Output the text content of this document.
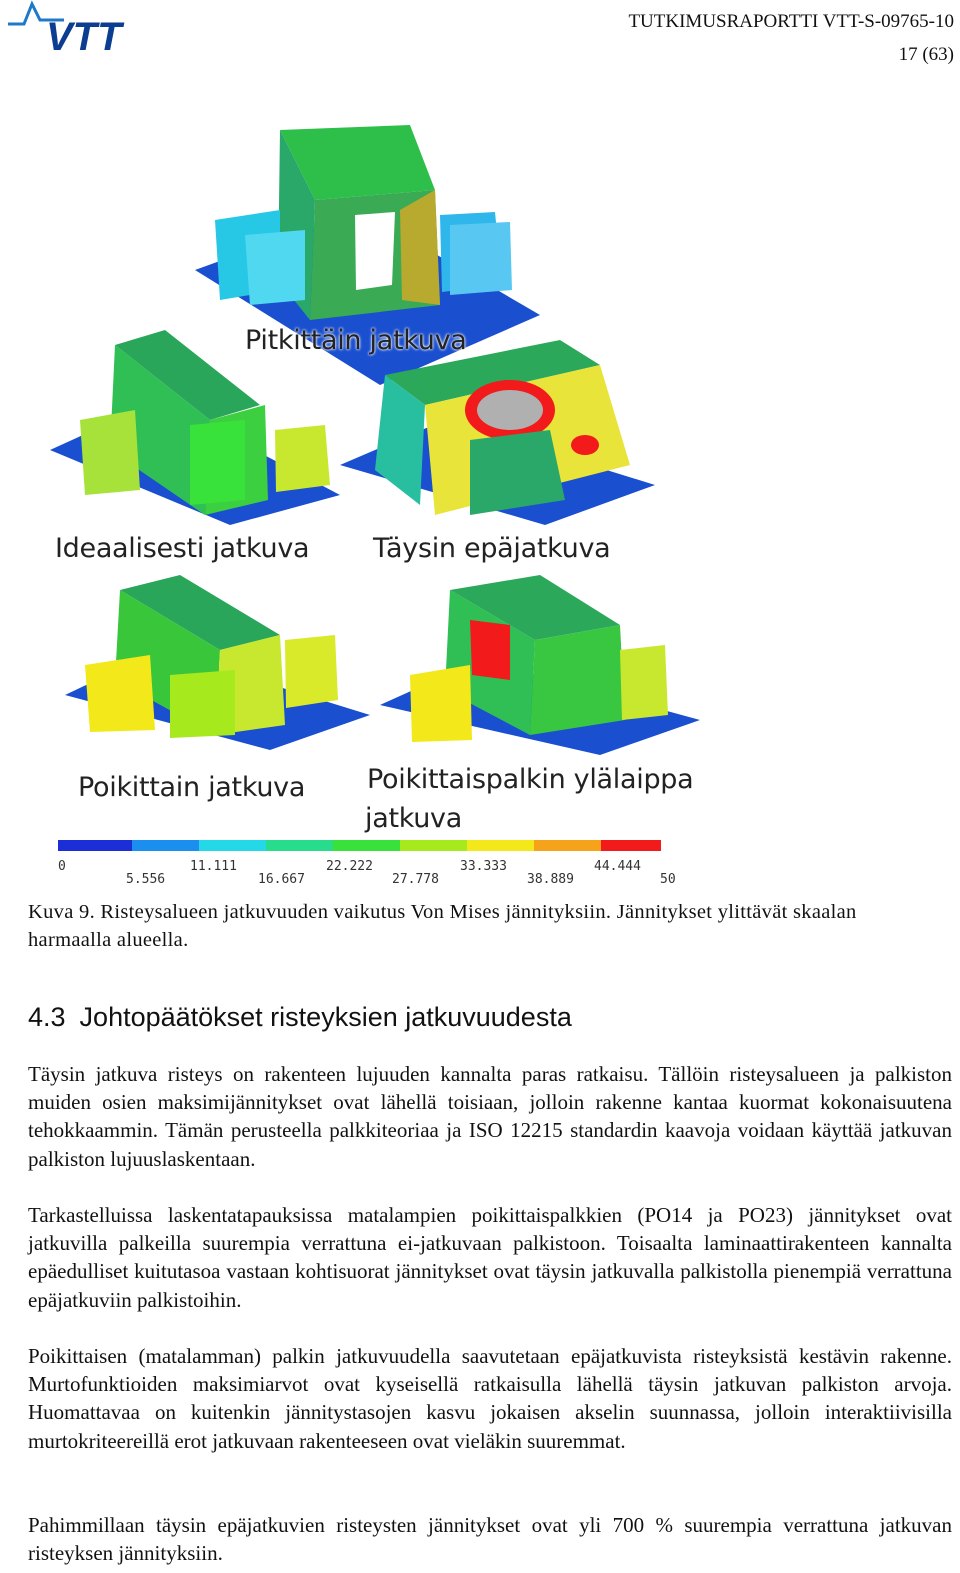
VTT	TUTKIMUSRAPORTTI VTT-S-09765-10
17 (63)
0	11.111	22.222	33.333	44.444
5.556	16.667	27.778	38.889	50
Pitkittäin jatkuva
Ideaalisesti jatkuva Täysin epäjatkuva
Poikittain jatkuva Poikittaispalkin ylälaippa
jatkuva
Kuva 9. Risteysalueen jatkuvuuden vaikutus Von Mises jännityksiin. Jännitykset ylittävät skaalan harmaalla alueella.
4.3 Johtopäätökset risteyksien jatkuvuudesta

Täysin jatkuva risteys on rakenteen lujuuden kannalta paras ratkaisu. Tällöin risteysalueen ja palkiston muiden osien maksimijännitykset ovat lähellä toisiaan, jolloin rakenne kantaa kuormat kokonaisuutena tehokkaammin. Tämän perusteella palkkiteoriaa ja ISO 12215 standardin kaavoja voidaan käyttää jatkuvan palkiston lujuuslaskentaan.

Tarkastelluissa laskentatapauksissa matalampien poikittaispalkkien (PO14 ja PO23) jännitykset ovat jatkuvilla palkeilla suurempia verrattuna ei-jatkuvaan palkistoon. Toisaalta laminaattirakenteen kannalta epäedulliset kuitutasoa vastaan kohtisuorat jännitykset ovat täysin jatkuvalla palkistolla pienempiä verrattuna epäjatkuviin palkistoihin.

Poikittaisen (matalamman) palkin jatkuvuudella saavutetaan epäjatkuvista risteyksistä kestävin rakenne. Murtofunktioiden maksimiarvot ovat kyseisellä ratkaisulla lähellä täysin jatkuvan palkiston arvoja. Huomattavaa on kuitenkin jännitystasojen kasvu jokaisen akselin suunnassa, jolloin interaktiivisilla murtokriteereillä erot jatkuvaan rakenteeseen ovat vieläkin suuremmat.

Pahimmillaan täysin epäjatkuvien risteysten jännitykset ovat yli 700 % suurempia verrattuna jatkuvan risteyksen jännityksiin.
